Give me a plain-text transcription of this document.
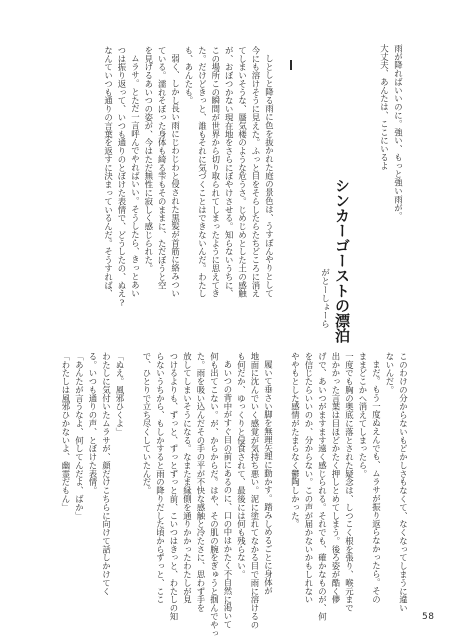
シンカーゴーストの漂泊
がとーしょーら
雨が降ればいいのに。強い、もっと強い雨が。
大丈夫、あんたは、ここにいるよ
しとしと降る雨に色を抜かれた庭の景色は、うすぼんやりとして
今にも溶けそうに見えた。ふっと目をそらしたらたちどころに消え
てしまいそうな、蜃気楼のような危うさ。じめじめとした土の感触
が、おぼつかない現在地をさらにぼやけさせる。知らないうちに、
この場所この瞬間が世界から切り取られてしまったように思えてき
た。だけどきっと、誰もそれに気づくことはできないんだ。わたし
も、あんたも。
弱く、しかし長い雨にじわじわと侵された黒髪が首筋に絡みつい
ている。濡れそぼった身体も綺る雫もそのままに、ただぼうと空
を見げるあいつの姿が、今はただ無性に寂しく感じられた。
ムラサ。とただ一言呼んでやればいい。そうしたら、きっとあい
つは振り返って、いつも通りのとぼけた表情で、どうしたの、ぬえ?
なんていつも通りの言葉を返すに決まっているんだ。そうすれば、
このわけの分からないもどかしさもなくて、なくなってしまうに違い
ないんだ。
まだ。もう一度ぬえんでも、ムラサが振り返らなかったら。その
ままどこかへ消えてしまったら。
一度でも胸の奥底に落とされた疑念は、しつこく根を張り、喉元まで
出かかった言葉は目ほどかたく押しとめてしまう。後ろ姿が酷く儚
げで、あいつがますます遠く感じられる。それでも、確かなものが、何
を信じたらいいのか、分からない。この声が届かないかもしれない
ややもとした感情がたまらなく鬱陶しかった。
履いて垂さい脚を無理矢理に動かす。踏みしめるごとに身体が
地面に沈んでいく感覚が気持ち悪い。泥に塗れてなかる目で雨に溶けるの
も何だか、ゆっくりと侵食されて、最後には何も残らない。
あいつの背中がすぐ目の前にあるのに、口の中はかたく不自然に渇いて
何も出てこない。が、からからだ。はや、その肌の腕をぎゅうと掴んでやっ
た。雨を吸い込んだその手の平が不快な感触と冷たさに、思わず手を
放してしまいそうになる。なまたま縁側を通りかかったわたしが見
つけるよりも、ずっと、ずっとずっと前、こいつはきっと、わたしの知
らないうちから、もしかすると雨の降りだした頃からずっと、ここ
で、ひとりで立ち尽くしていたんだ。
「ぬえ。風邪ひくよ」
わたしに気付いたムラサが、顔だけこちらに向けて話しかけてく
る。いつも通りの声、とぼけた表情。
「あんたが言うなよ、何してんだよ、ばか」
「わたしは風邪ひかないよ、幽霊だもん」
58
